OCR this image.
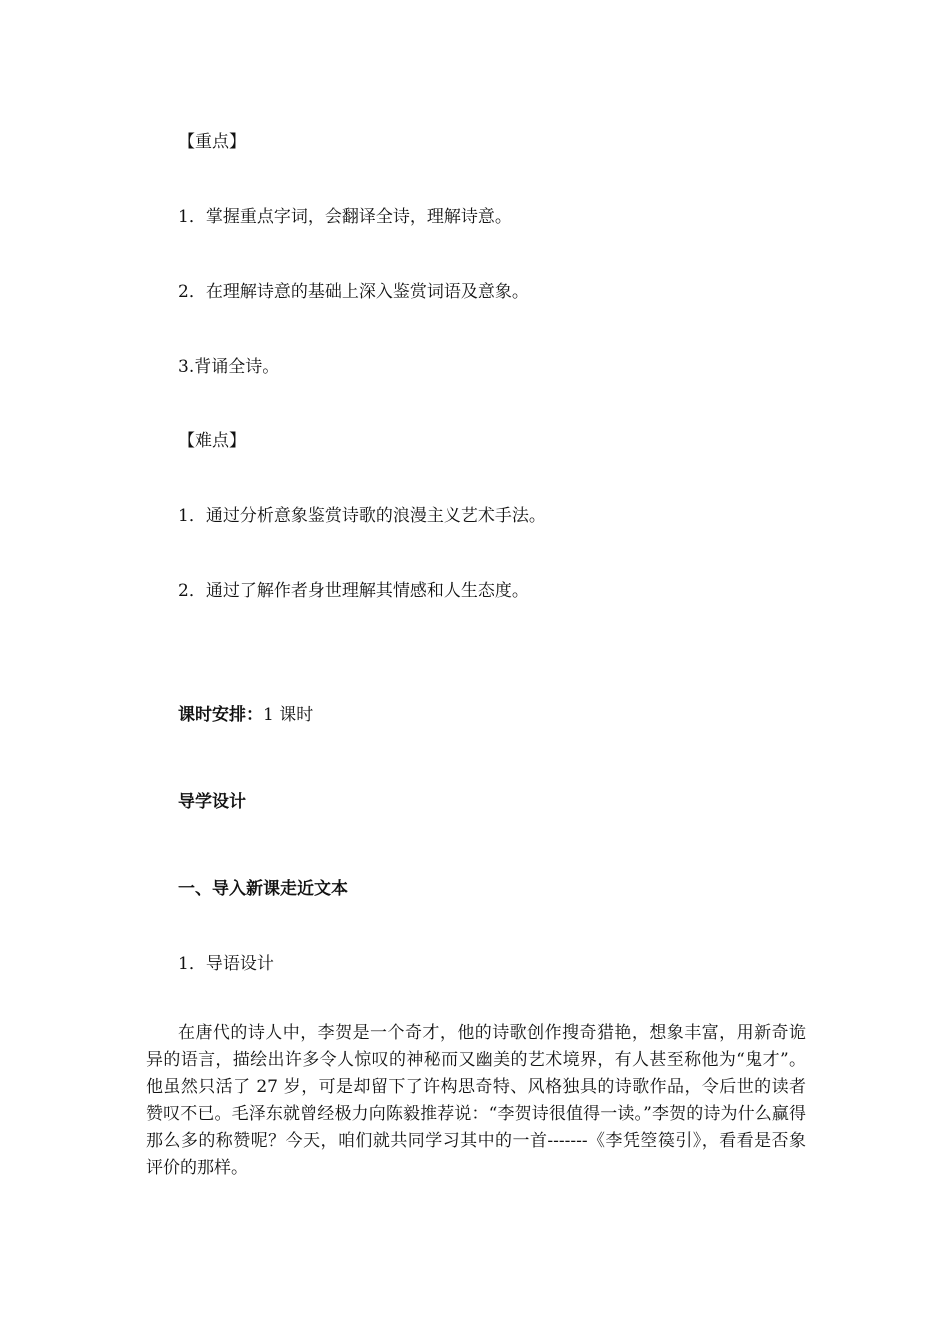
【重点】
1．掌握重点字词，会翻译全诗，理解诗意。
2．在理解诗意的基础上深入鉴赏词语及意象。
3.背诵全诗。
【难点】
1．通过分析意象鉴赏诗歌的浪漫主义艺术手法。
2．通过了解作者身世理解其情感和人生态度。
课时安排：1 课时
导学设计
一、导入新课走近文本
1．导语设计
在唐代的诗人中，李贺是一个奇才，他的诗歌创作搜奇猎艳，想象丰富，用新奇诡异的语言，描绘出许多令人惊叹的神秘而又幽美的艺术境界，有人甚至称他为“鬼才”。他虽然只活了 27 岁，可是却留下了许构思奇特、风格独具的诗歌作品，令后世的读者赞叹不已。毛泽东就曾经极力向陈毅推荐说：“李贺诗很值得一读。”李贺的诗为什么赢得那么多的称赞呢？今天，咱们就共同学习其中的一首-------《李凭箜篌引》，看看是否象评价的那样。
